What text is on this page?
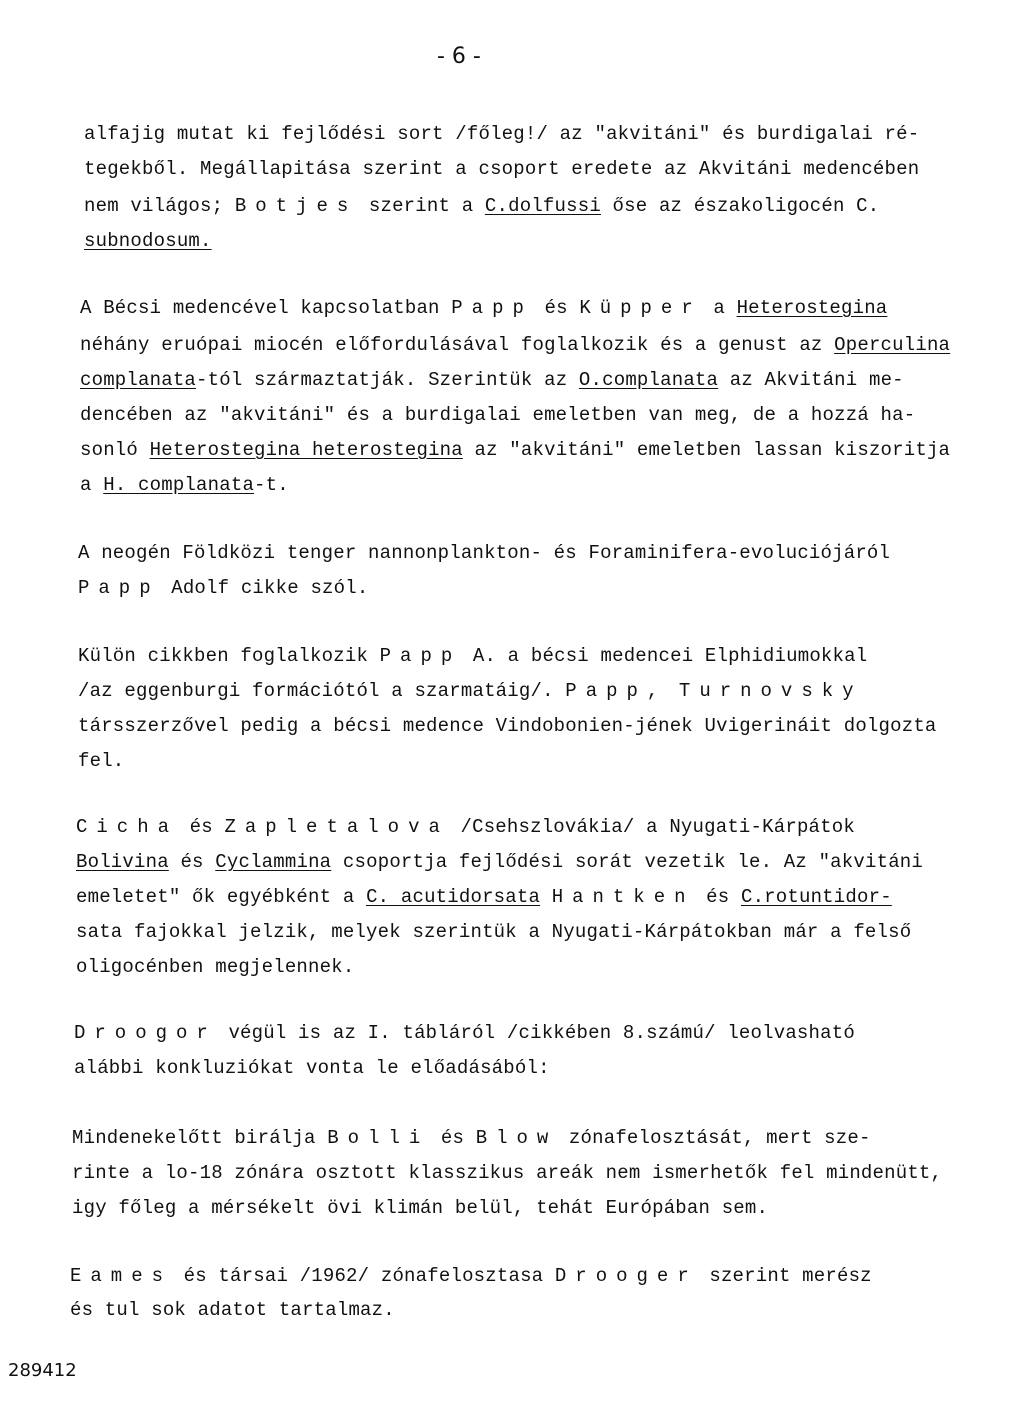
- 6 -
alfajig mutat ki fejlődési sort /főleg!/ az "akvitáni" és burdigalai ré-
tegekből. Megállapitása szerint a csoport eredete az Akvitáni medencében
nem világos; Botjes szerint a C.dolfussi őse az északoligocén C.
subnodosum.
A Bécsi medencével kapcsolatban Papp és Küpper a Heterostegina
néhány eruópai miocén előfordulásával foglalkozik és a genust az Operculina
complanata-tól származtatják. Szerintük az O.complanata az Akvitáni me-
dencében az "akvitáni" és a burdigalai emeletben van meg, de a hozzá ha-
sonló Heterostegina heterostegina az "akvitáni" emeletben lassan kiszoritja
a H. complanata-t.
A neogén Földközi tenger nannonplankton- és Foraminifera-evolucióјáról
Papp Adolf cikke szól.
Külön cikkben foglalkozik Papp A. a bécsi medencei Elphidiumokkal
/az eggenburgi formációtól a szarmatáig/. Papp, Turnovsky
társszerzővel pedig a bécsi medence Vindobonien-jének Uvigerináit dolgozta
fel.
Cicha és Zapletalova /Csehszlovákia/ a Nyugati-Kárpátok
Bolivina és Cyclammina csoportja fejlődési sorát vezetik le. Az "akvitáni
emeletet" ők egyébként a C. acutidorsata Hantken és C.rotuntidor-
sata fajokkal jelzik, melyek szerintük a Nyugati-Kárpátokban már a felső
oligocénben megjelennek.
Droogor végül is az I. tábláról /cikkében 8.számú/ leolvasható
alábbi konkluziókat vonta le előadásából:
Mindenekelőtt birálja Bolli és Blow zónafelosztását, mert sze-
rinte a lo-18 zónára osztott klasszikus areák nem ismerhetők fel mindenütt,
igy főleg a mérsékelt övi klimán belül, tehát Európában sem.
Eames és társai /1962/ zónafelosztasa Drooger szerint merész
és tul sok adatot tartalmaz.
289412
